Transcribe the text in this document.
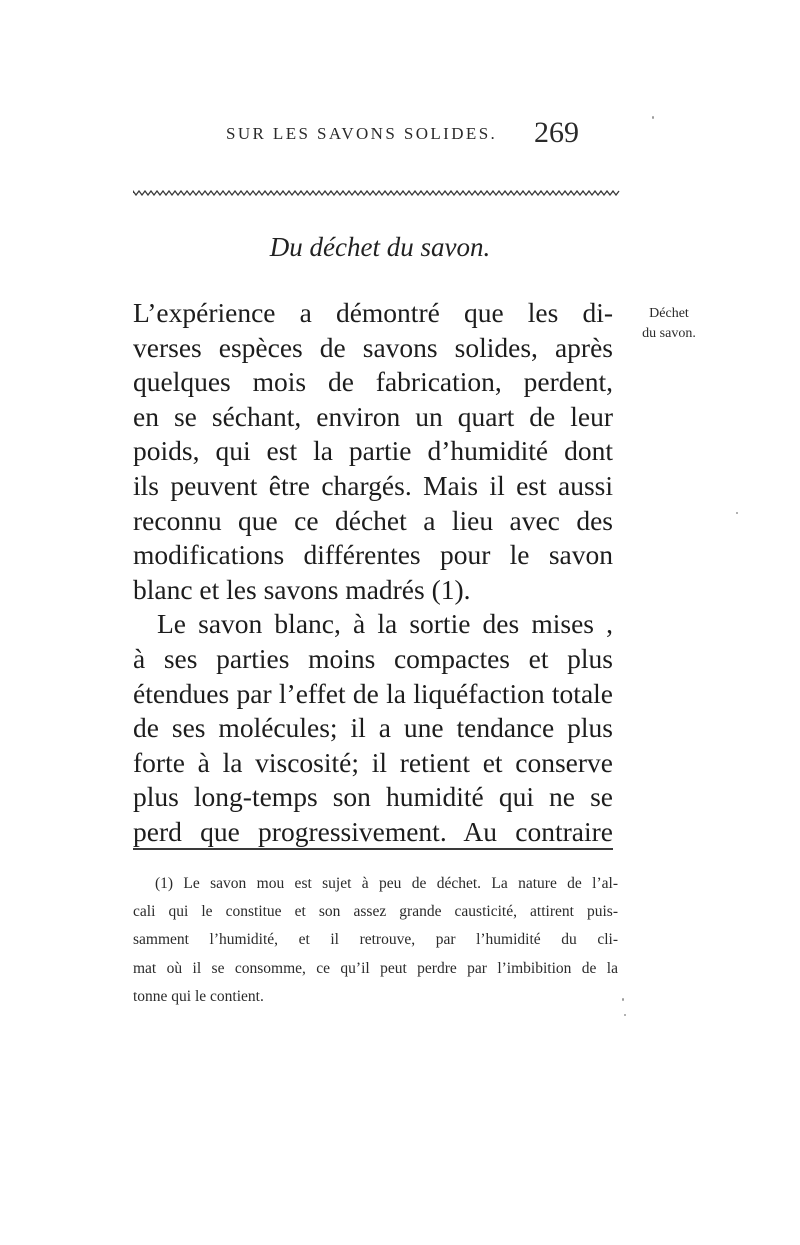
SUR LES SAVONS SOLIDES. 269
Du déchet du savon.
L’expérience a démontré que les di-
verses espèces de savons solides, après
quelques mois de fabrication, perdent,
en se séchant, environ un quart de leur
poids, qui est la partie d’humidité dont
ils peuvent être chargés. Mais il est aussi
reconnu que ce déchet a lieu avec des
modifications différentes pour le savon
blanc et les savons madrés (1).
Le savon blanc, à la sortie des mises ,
à ses parties moins compactes et plus
étendues par l’effet de la liquéfaction totale
de ses molécules; il a une tendance plus
forte à la viscosité; il retient et conserve
plus long-temps son humidité qui ne se
perd que progressivement. Au contraire
Déchet
du savon.
(1) Le savon mou est sujet à peu de déchet. La nature de l’al-
cali qui le constitue et son assez grande causticité, attirent puis-
samment l’humidité, et il retrouve, par l’humidité du cli-
mat où il se consomme, ce qu’il peut perdre par l’imbibition de la
tonne qui le contient.
